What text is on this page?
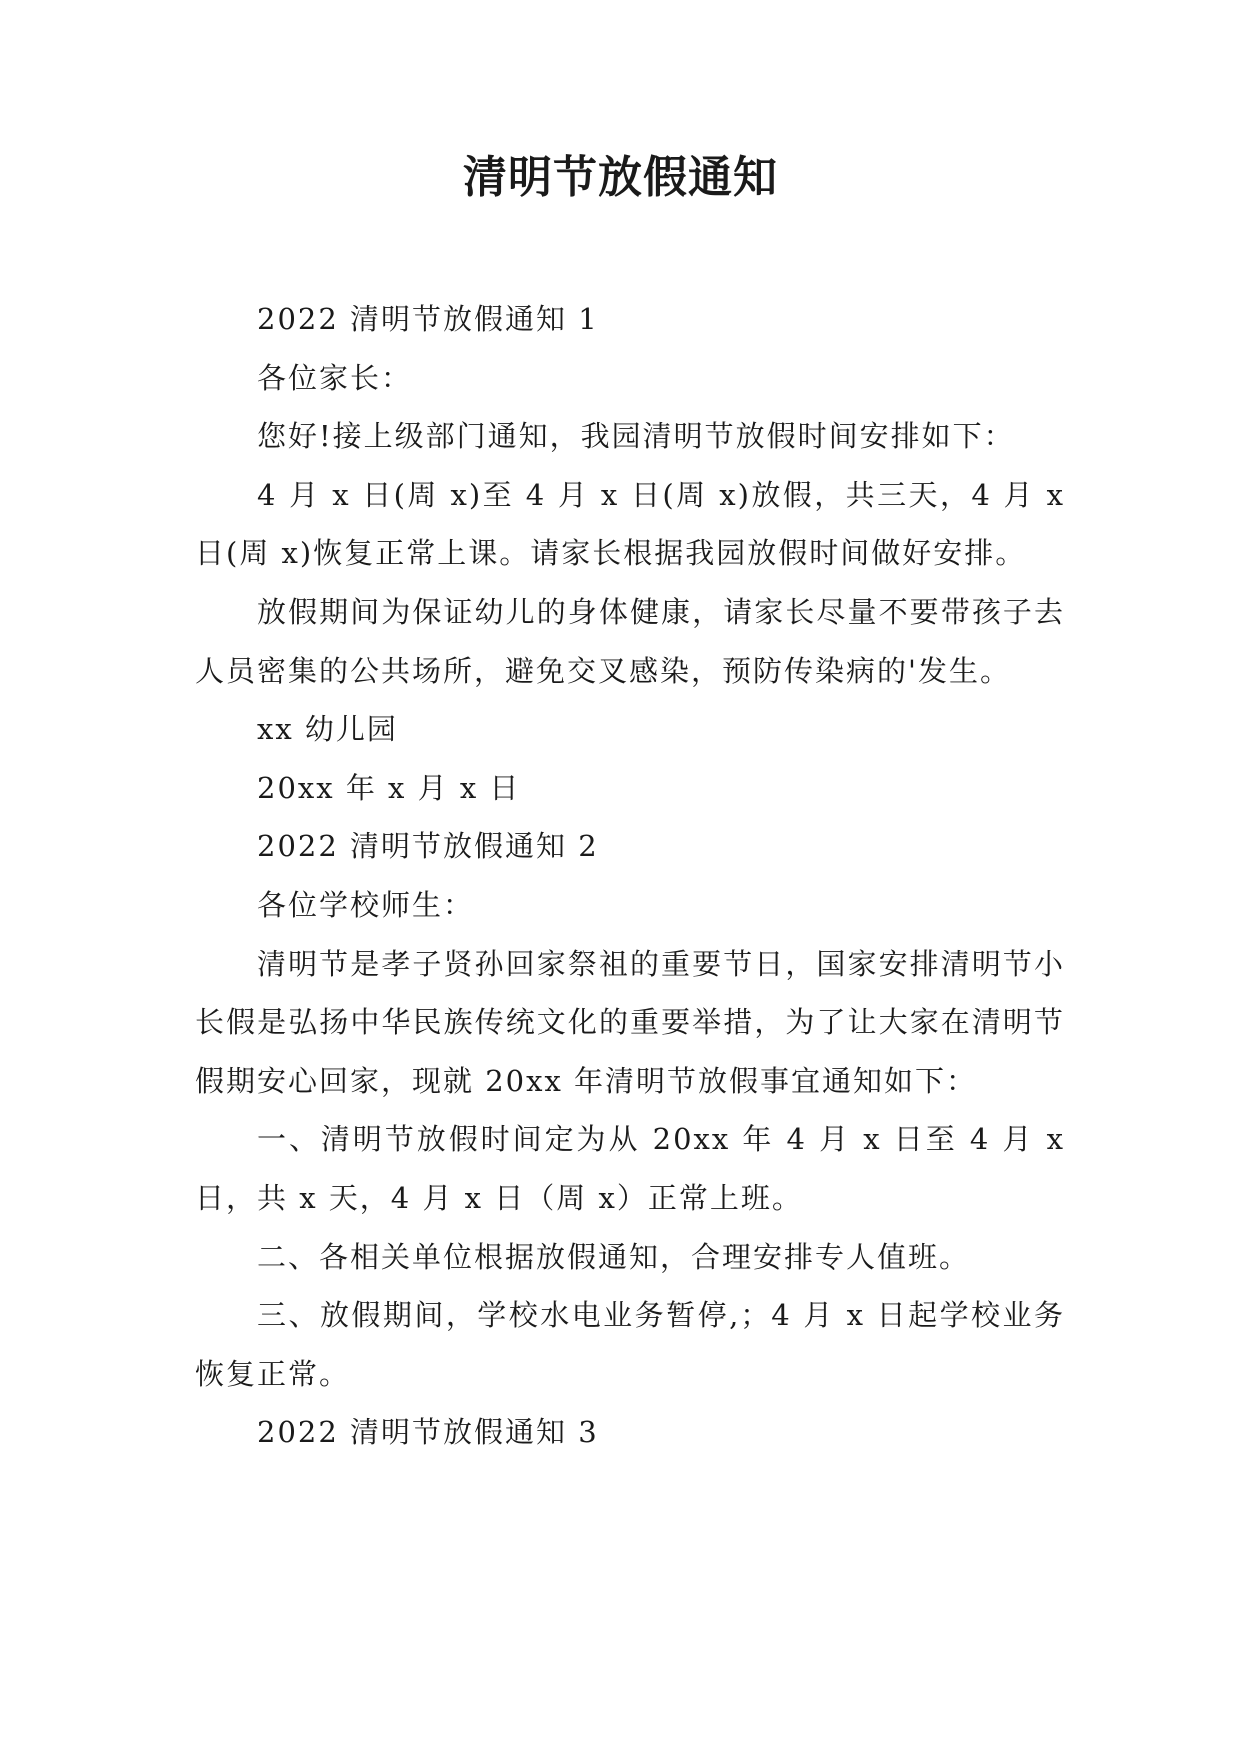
清明节放假通知

2022 清明节放假通知 1

各位家长：

您好!接上级部门通知，我园清明节放假时间安排如下：

4 月 x 日(周 x)至 4 月 x 日(周 x)放假，共三天，4 月 x 日(周 x)恢复正常上课。请家长根据我园放假时间做好安排。

放假期间为保证幼儿的身体健康，请家长尽量不要带孩子去人员密集的公共场所，避免交叉感染，预防传染病的'发生。

xx 幼儿园

20xx 年 x 月 x 日

2022 清明节放假通知 2

各位学校师生：

清明节是孝子贤孙回家祭祖的重要节日，国家安排清明节小长假是弘扬中华民族传统文化的重要举措，为了让大家在清明节假期安心回家，现就 20xx 年清明节放假事宜通知如下：

一、清明节放假时间定为从 20xx 年 4 月 x 日至 4 月 x 日，共 x 天，4 月 x 日（周 x）正常上班。

二、各相关单位根据放假通知，合理安排专人值班。

三、放假期间，学校水电业务暂停,；4 月 x 日起学校业务恢复正常。

2022 清明节放假通知 3
